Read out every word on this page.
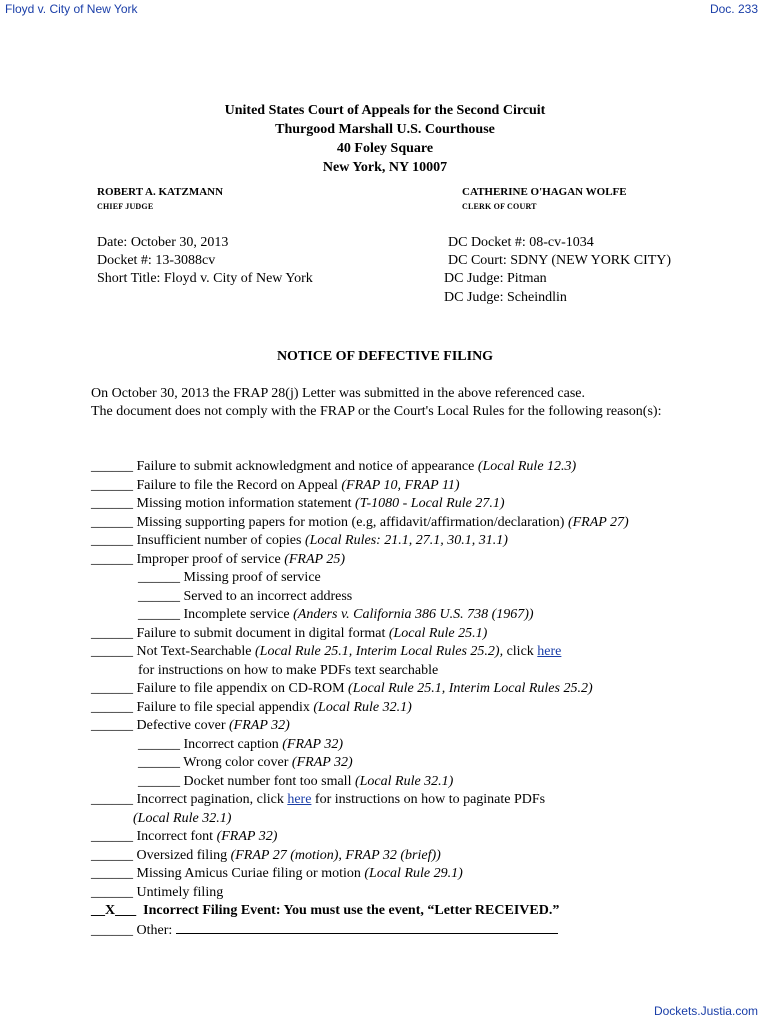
Floyd v. City of New York	Doc. 233
United States Court of Appeals for the Second Circuit
Thurgood Marshall U.S. Courthouse
40 Foley Square
New York, NY 10007
ROBERT A. KATZMANN
CHIEF JUDGE
CATHERINE O'HAGAN WOLFE
CLERK OF COURT
Date: October 30, 2013
Docket #: 13-3088cv
Short Title: Floyd v. City of New York
DC Docket #: 08-cv-1034
DC Court: SDNY (NEW YORK CITY)
DC Judge: Pitman
DC Judge: Scheindlin
NOTICE OF DEFECTIVE FILING
On October 30, 2013 the FRAP 28(j) Letter was submitted in the above referenced case.
The document does not comply with the FRAP or the Court's Local Rules for the following reason(s):
______ Failure to submit acknowledgment and notice of appearance (Local Rule 12.3)
______ Failure to file the Record on Appeal (FRAP 10, FRAP 11)
______ Missing motion information statement (T-1080 - Local Rule 27.1)
______ Missing supporting papers for motion (e.g, affidavit/affirmation/declaration) (FRAP 27)
______ Insufficient number of copies (Local Rules: 21.1, 27.1, 30.1, 31.1)
______ Improper proof of service (FRAP 25)
______ Missing proof of service
______ Served to an incorrect address
______ Incomplete service (Anders v. California 386 U.S. 738 (1967))
______ Failure to submit document in digital format (Local Rule 25.1)
______ Not Text-Searchable (Local Rule 25.1, Interim Local Rules 25.2), click here
for instructions on how to make PDFs text searchable
______ Failure to file appendix on CD-ROM (Local Rule 25.1, Interim Local Rules 25.2)
______ Failure to file special appendix (Local Rule 32.1)
______ Defective cover (FRAP 32)
______ Incorrect caption (FRAP 32)
______ Wrong color cover (FRAP 32)
______ Docket number font too small (Local Rule 32.1)
______ Incorrect pagination, click here for instructions on how to paginate PDFs
(Local Rule 32.1)
______ Incorrect font (FRAP 32)
______ Oversized filing (FRAP 27 (motion), FRAP 32 (brief))
______ Missing Amicus Curiae filing or motion (Local Rule 29.1)
______ Untimely filing
__X___  Incorrect Filing Event: You must use the event, “Letter RECEIVED.”
______ Other:
Dockets.Justia.com
